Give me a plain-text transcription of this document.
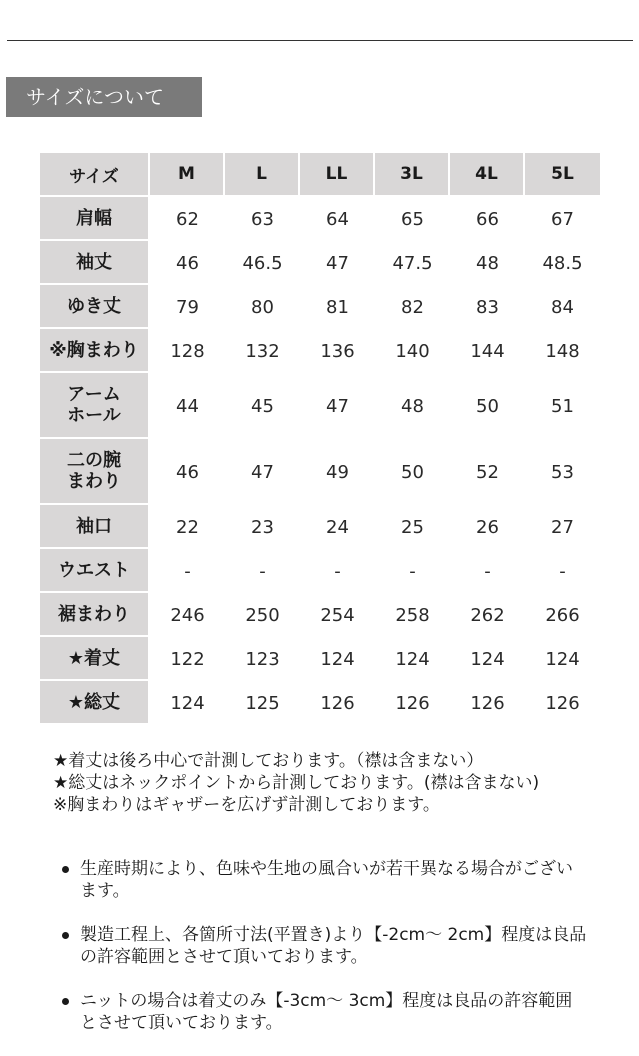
サイズについて
サイズ	M	L	LL	3L	4L	5L
肩幅	62	63	64	65	66	67
袖丈	46	46.5	47	47.5	48	48.5
ゆき丈	79	80	81	82	83	84
※胸まわり	128	132	136	140	144	148

アーム
ホール	44	45	47	48	50	51

二の腕
まわり	46	47	49	50	52	53
袖口	22	23	24	25	26	27
ウエスト	-	-	-	-	-	-
裾まわり	246	250	254	258	262	266
★着丈	122	123	124	124	124	124
★総丈	124	125	126	126	126	126

★着丈は後ろ中心で計測しております。（襟は含まない）

★総丈はネックポイントから計測しております。(襟は含まない)

※胸まわりはギャザーを広げず計測しております。

生産時期により、色味や生地の風合いが若干異なる場合がございます。
製造工程上、各箇所寸法(平置き)より【-2cm～ 2cm】程度は良品の許容範囲とさせて頂いております。
ニットの場合は着丈のみ【-3cm～ 3cm】程度は良品の許容範囲とさせて頂いております。
